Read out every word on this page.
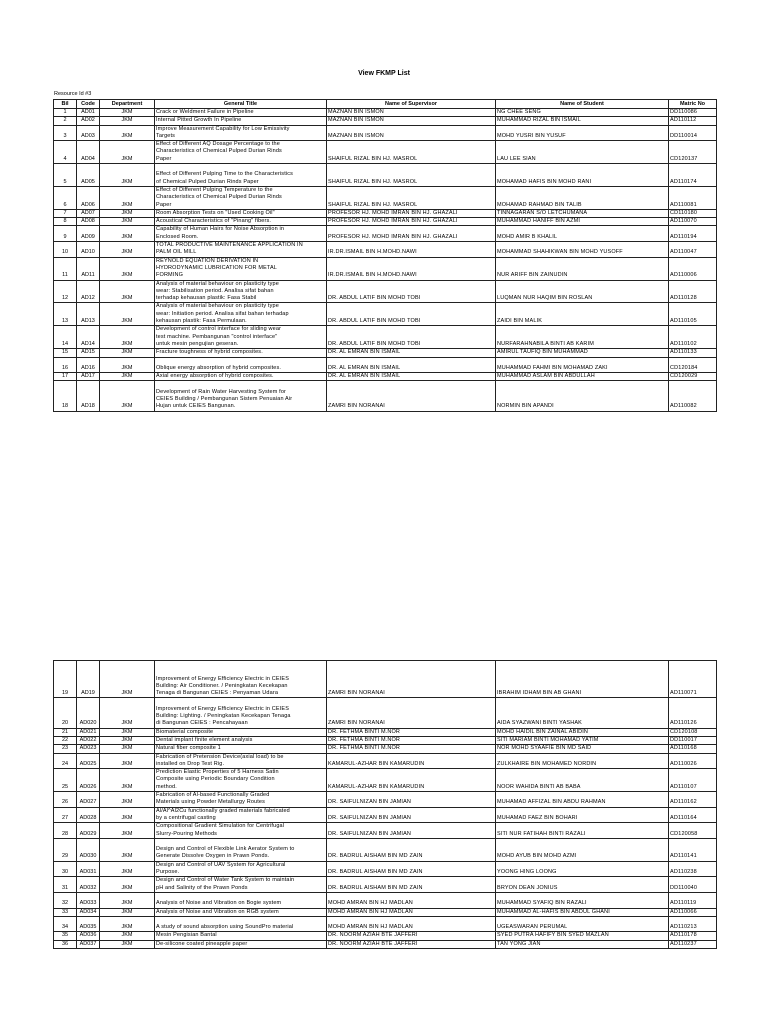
View FKMP List
Resource Id #3
Bil	Code	Department	General Title	Name of Supervisor	Name of Student	Matric No
1	AD01	JKM	Crack or Weldment Failure in Pipeline	MAZNAN BIN ISMON	NG CHEE SENG	DD110086
2	AD02	JKM	Internal Pitted Growth In Pipeline	MAZNAN BIN ISMON	MUHAMMAD RIZAL BIN ISMAIL	AD110112
3	AD03	JKM	Improve Measurement Capability for Low Emissivity
Targets	MAZNAN BIN ISMON	MOHD YUSRI BIN YUSUF	DD110014
4	AD04	JKM	Effect of Different AQ Dosage Percentage to the
Characteristics of Chemical Pulped Durian Rinds
Paper	SHAIFUL RIZAL BIN HJ. MASROL	LAU LEE SIAN	CD120137
5	AD05	JKM	Effect of Different Pulping Time to the Characteristics
of Chemical Pulped Durian Rinds Paper	SHAIFUL RIZAL BIN HJ. MASROL	MOHAMAD HAFIS BIN MOHD RANI	AD110174
6	AD06	JKM	Effect of Different Pulping Temperature to the
Characteristics of Chemical Pulped Durian Rinds
Paper	SHAIFUL RIZAL BIN HJ. MASROL	MOHAMAD RAHMAD BIN TALIB	AD110081
7	AD07	JKM	Room Absorption Tests on "Used Cooking Oil"	PROFESOR HJ. MOHD IMRAN BIN HJ. GHAZALI	TINNAGARAN S/O LETCHUMANA	CD110180
8	AD08	JKM	Acoustical Characteristics of "Pinang" fibers.	PROFESOR HJ. MOHD IMRAN BIN HJ. GHAZALI	MUHAMMAD HANIFF BIN AZMI	AD110070
9	AD09	JKM	Capability of Human Hairs for Noise Absorption in
Enclosed Room.	PROFESOR HJ. MOHD IMRAN BIN HJ. GHAZALI	MOHD AMIR B KHALIL	AD110194
10	AD10	JKM	TOTAL PRODUCTIVE MAINTENANCE APPLICATION IN
PALM OIL MILL	IR.DR.ISMAIL BIN H.MOHD.NAWI	MOHAMMAD SHAHIKWAN BIN MOHD YUSOFF	AD110047
11	AD11	JKM	REYNOLD EQUATION DERIVATION IN
HYDRODYNAMIC LUBRICATION FOR METAL
FORMING	IR.DR.ISMAIL BIN H.MOHD.NAWI	NUR ARIFF BIN ZAINUDIN	AD110006
12	AD12	JKM	Analysis of material behaviour on plasticity type
wear: Stabilisation period. Analisa sifat bahan
terhadap kehausan plastik: Fasa Stabil	DR. ABDUL LATIF BIN MOHD TOBI	LUQMAN NUR HAQIM BIN ROSLAN	AD110128
13	AD13	JKM	Analysis of material behaviour on plasticity type
wear: Initiation period. Analisa sifat bahan terhadap
kehausan plastik: Fasa Permulaan.	DR. ABDUL LATIF BIN MOHD TOBI	ZAIDI BIN MALIK	AD110105
14	AD14	JKM	Development of control interface for sliding wear
test machine. Pembangunan "control interface"
untuk mesin pengujian geseran.	DR. ABDUL LATIF BIN MOHD TOBI	NURFARAHNABILA BINTI AB KARIM	AD110102
15	AD15	JKM	Fracture toughness of hybrid composites.	DR. AL EMRAN BIN ISMAIL	AMIRUL TAUFIQ BIN MUHAMMAD	AD110133
16	AD16	JKM	Oblique energy absorption of hybrid composites.	DR. AL EMRAN BIN ISMAIL	MUHAMMAD FAHMI BIN MOHAMAD ZAKI	CD120184
17	AD17	JKM	Axial energy absorption of hybrid composites.	DR. AL EMRAN BIN ISMAIL	MUHAMMAD ASLAM BIN ABDULLAH	CD120029
18	AD18	JKM	Development of Rain Water Harvesting System for
CEIES Building / Pembangunan Sistem Penuaian Air
Hujan untuk CEIES Bangunan.	ZAMRI BIN NORANAI	NORMIN BIN APANDI	AD110082
19	AD19	JKM	Improvement of Energy Efficiency Electric in CEIES
Building: Air Conditioner. / Peningkatan Kecekapan
Tenaga di Bangunan CEIES : Penyaman Udara	ZAMRI BIN NORANAI	IBRAHIM IDHAM BIN AB GHANI	AD110071
20	AD020	JKM	Improvement of Energy Efficiency Electric in CEIES
Building: Lighting. / Peningkatan Kecekapan Tenaga
di Bangunan CEIES : Pencahayaan	ZAMRI BIN NORANAI	AIDA SYAZWANI BINTI YASHAK	AD110126
21	AD021	JKM	Biomaterial composite	DR. FETHMA BINTI M.NOR	MOHD HAIDIL BIN ZAINAL ABIDIN	CD120108
22	AD022	JKM	Dental implant finite element analysis	DR. FETHMA BINTI M.NOR	SITI MARIAM BINTI MOHAMAD YATIM	DD110017
23	AD023	JKM	Natural fiber composite 1	DR. FETHMA BINTI M.NOR	NOR MOHD SYAAFIE BIN MD SAID	AD110168
24	AD025	JKM	Fabrication of Pretension Device(axial load) to be
installed on Drop Test Rig.	KAMARUL-AZHAR BIN KAMARUDIN	ZULKHAIRE BIN MOHAMED NORDIN	AD110026
25	AD026	JKM	Prediction Elastic Properties of 5 Harness Satin
Composite using Periodic Boundary Condition
method.	KAMARUL-AZHAR BIN KAMARUDIN	NOOR WAHIDA BINTI AB BABA	AD110107
26	AD027	JKM	Fabrication of Al-based Functionally Graded
Materials using Powder Metallurgy Routes	DR. SAIFULNIZAN BIN JAMIAN	MUHAMAD AFFIZAL BIN ABDU RAHMAN	AD110162
27	AD028	JKM	Al/Al^Al2Cu functionally graded materials fabricated
by a centrifugal casting	DR. SAIFULNIZAN BIN JAMIAN	MUHAMAD FAEZ BIN BOHARI	AD110164
28	AD029	JKM	Compositional Gradient Simulation for Centrifugal
Slurry-Pouring Methods	DR. SAIFULNIZAN BIN JAMIAN	SITI NUR FATIHAH BINTI RAZALI	CD120058
29	AD030	JKM	Design and Control of Flexible Link Aerator System to
Generate Dissolve Oxygen in Prawn Ponds.	DR. BADRUL AISHAM BIN MD ZAIN	MOHD AYUB BIN MOHD AZMI	AD110141
30	AD031	JKM	Design and Control of UAV System for Agricultural
Purpose.	DR. BADRUL AISHAM BIN MD ZAIN	YOONG HING LOONG	AD110238
31	AD032	JKM	Design and Control of Water Tank System to maintain
pH and Salinity of the Prawn Ponds	DR. BADRUL AISHAM BIN MD ZAIN	BRYON DEAN JONIUS	DD110040
32	AD033	JKM	Analysis of Noise and Vibration on Bogie system	MOHD AMRAN BIN HJ MADLAN	MUHAMMAD SYAFIQ BIN RAZALI	AD110119
33	AD034	JKM	Analysis of Noise and Vibration on RGB system	MOHD AMRAN BIN HJ MADLAN	MUHAMMAD AL-HAFIS BIN ABDUL GHANI	AD110066
34	AD035	JKM	A study of sound absorption using SoundPro material	MOHD AMRAN BIN HJ MADLAN	UGEASWARAN PERUMAL	AD110213
35	AD036	JKM	Mesin Pengisian Bantal	DR. NOORM AZIAH BTE JAFFERI	SYED PUTRA HAFIFY BIN SYED MAZLAN	AD110178
36	AD037	JKM	De-silicone coated pineapple paper	DR. NOORM AZIAH BTE JAFFERI	TAN YONG JIAN	AD110237
